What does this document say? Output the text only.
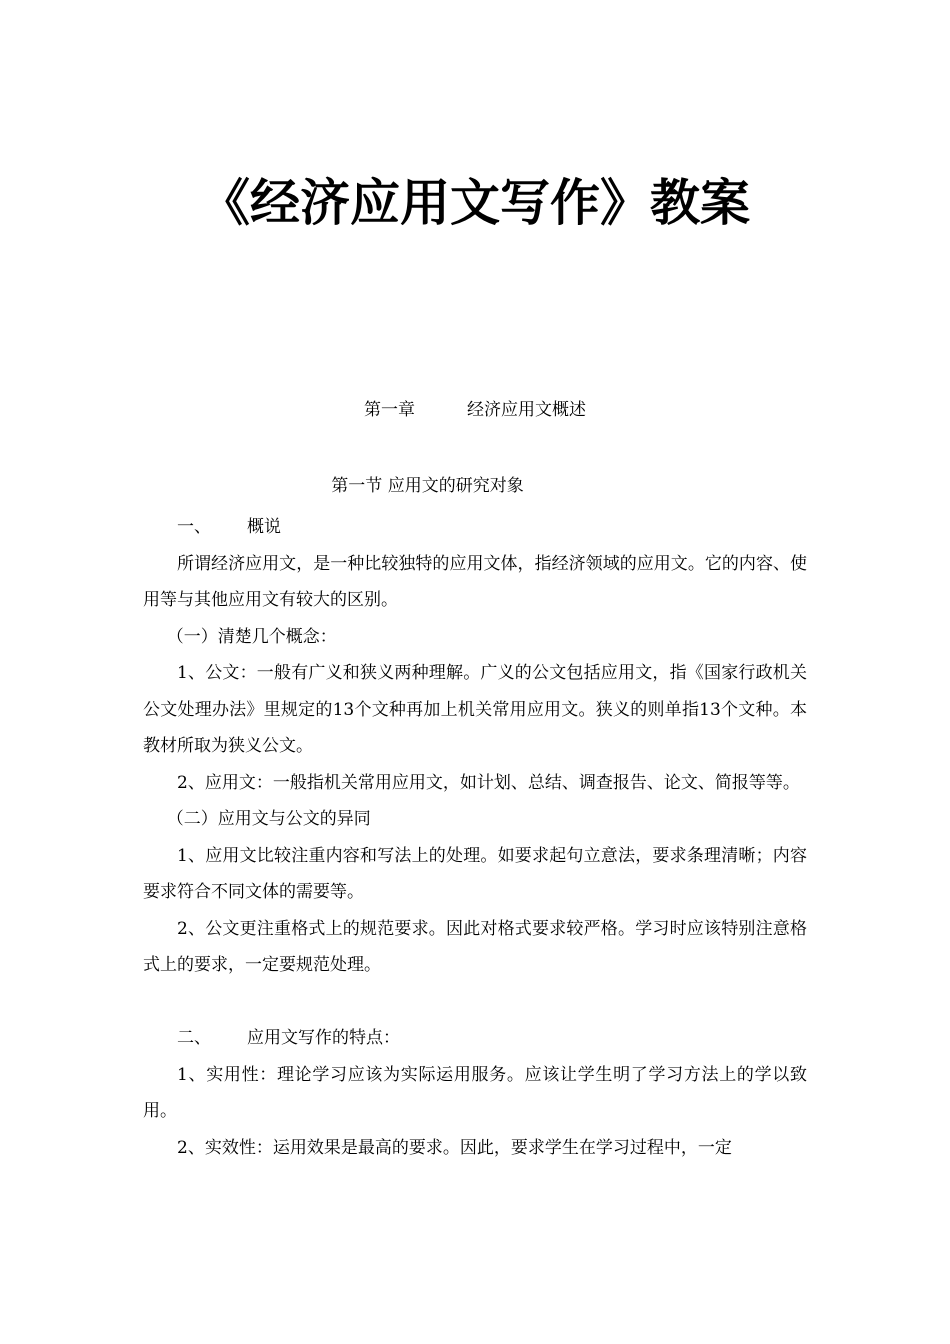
《经济应用文写作》教案
第一章	经济应用文概述
第一节 应用文的研究对象

一、 概说

所谓经济应用文，是一种比较独特的应用文体，指经济领域的应用文。它的内容、使用等与其他应用文有较大的区别。

（一）清楚几个概念：

1、公文：一般有广义和狭义两种理解。广义的公文包括应用文，指《国家行政机关公文处理办法》里规定的13个文种再加上机关常用应用文。狭义的则单指13个文种。本教材所取为狭义公文。

2、应用文：一般指机关常用应用文，如计划、总结、调查报告、论文、简报等等。

（二）应用文与公文的异同

1、应用文比较注重内容和写法上的处理。如要求起句立意法，要求条理清晰；内容要求符合不同文体的需要等。

2、公文更注重格式上的规范要求。因此对格式要求较严格。学习时应该特别注意格式上的要求，一定要规范处理。

二、 应用文写作的特点：

1、实用性：理论学习应该为实际运用服务。应该让学生明了学习方法上的学以致用。

2、实效性：运用效果是最高的要求。因此，要求学生在学习过程中，一定
